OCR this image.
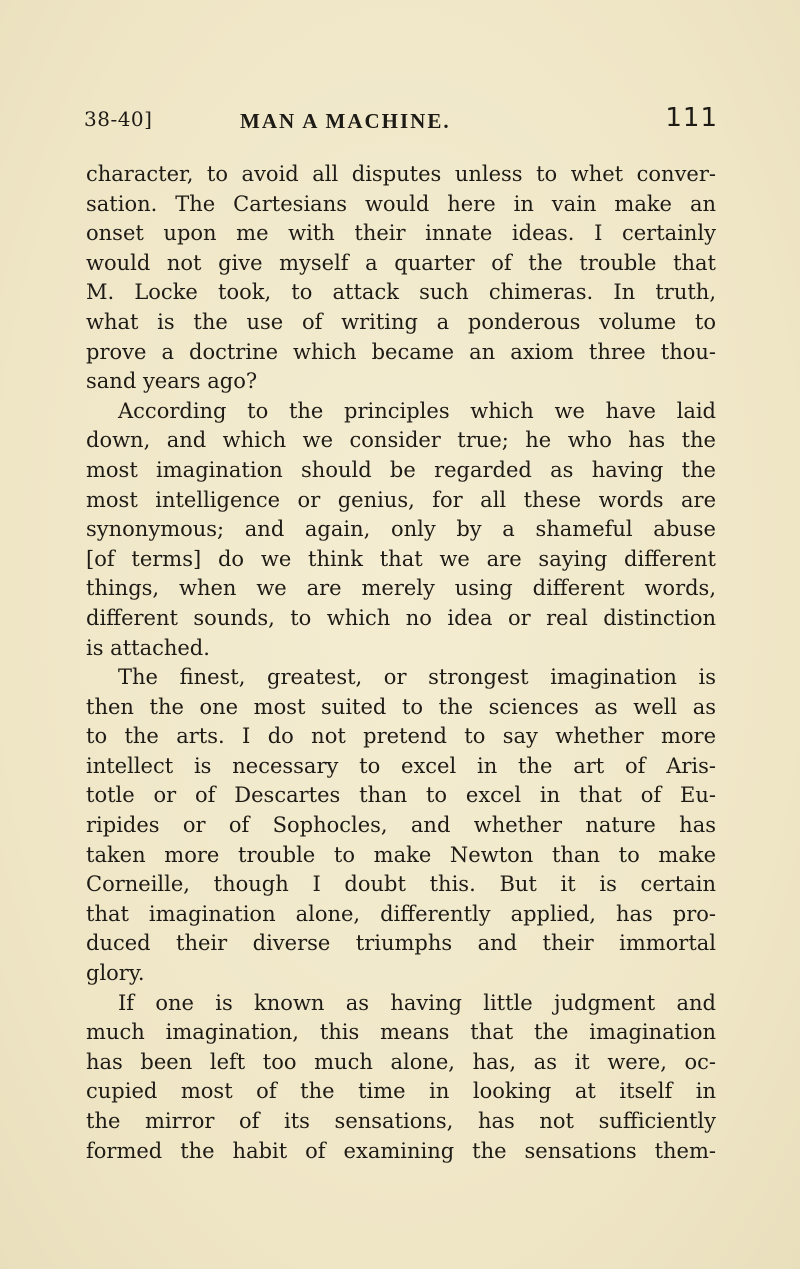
38-40]	MAN A MACHINE.	111
character, to avoid all disputes unless to whet conver-
sation. The Cartesians would here in vain make an
onset upon me with their innate ideas. I certainly
would not give myself a quarter of the trouble that
M. Locke took, to attack such chimeras. In truth,
what is the use of writing a ponderous volume to
prove a doctrine which became an axiom three thou-
sand years ago?
According to the principles which we have laid
down, and which we consider true; he who has the
most imagination should be regarded as having the
most intelligence or genius, for all these words are
synonymous; and again, only by a shameful abuse
[of terms] do we think that we are saying different
things, when we are merely using different words,
different sounds, to which no idea or real distinction
is attached.
The finest, greatest, or strongest imagination is
then the one most suited to the sciences as well as
to the arts. I do not pretend to say whether more
intellect is necessary to excel in the art of Aris-
totle or of Descartes than to excel in that of Eu-
ripides or of Sophocles, and whether nature has
taken more trouble to make Newton than to make
Corneille, though I doubt this. But it is certain
that imagination alone, differently applied, has pro-
duced their diverse triumphs and their immortal
glory.
If one is known as having little judgment and
much imagination, this means that the imagination
has been left too much alone, has, as it were, oc-
cupied most of the time in looking at itself in
the mirror of its sensations, has not sufficiently
formed the habit of examining the sensations them-
